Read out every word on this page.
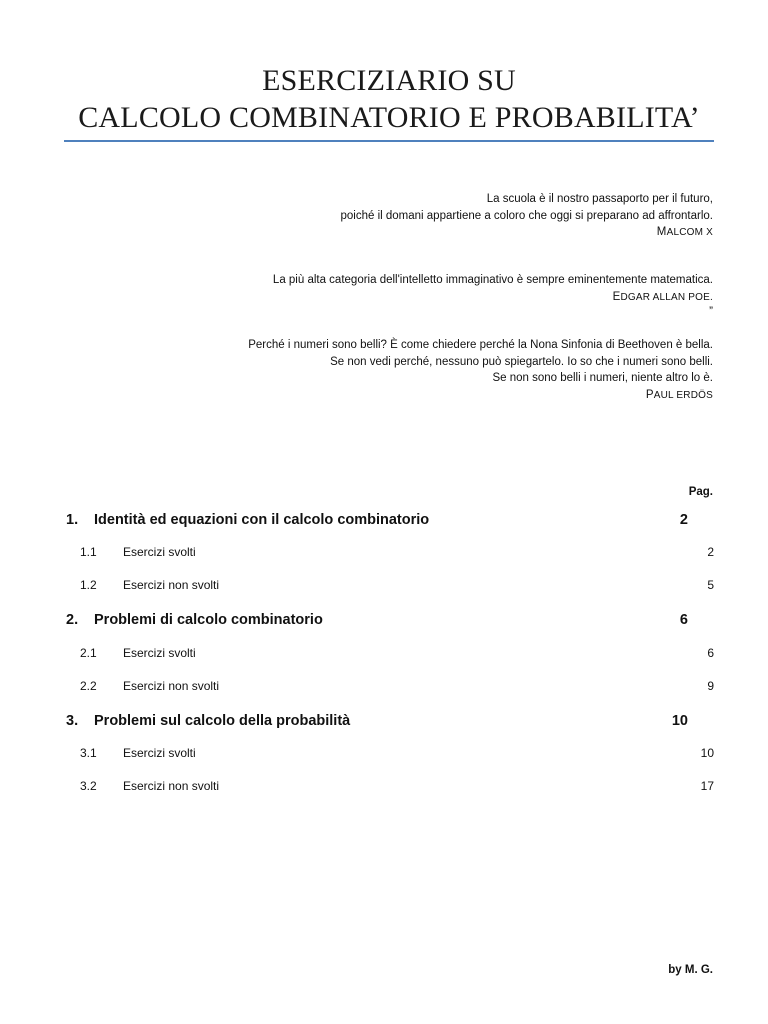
ESERCIZIARIO SU
CALCOLO COMBINATORIO E PROBABILITA’
La scuola è il nostro passaporto per il futuro,
poiché il domani appartiene a coloro che oggi si preparano ad affrontarlo.
MALCOM X
La più alta categoria dell'intelletto immaginativo è sempre eminentemente matematica.
EDGAR ALLAN POE.
”
Perché i numeri sono belli? È come chiedere perché la Nona Sinfonia di Beethoven è bella.
Se non vedi perché, nessuno può spiegartelo. Io so che i numeri sono belli.
Se non sono belli i numeri, niente altro lo è.
PAUL ERDÖS
Pag.
1. Identità ed equazioni con il calcolo combinatorio	2
1.1 Esercizi svolti	2
1.2 Esercizi non svolti	5
2. Problemi di calcolo combinatorio	6
2.1 Esercizi svolti	6
2.2 Esercizi non svolti	9
3. Problemi sul calcolo della probabilità	10
3.1 Esercizi svolti	10
3.2 Esercizi non svolti	17
by M. G.
